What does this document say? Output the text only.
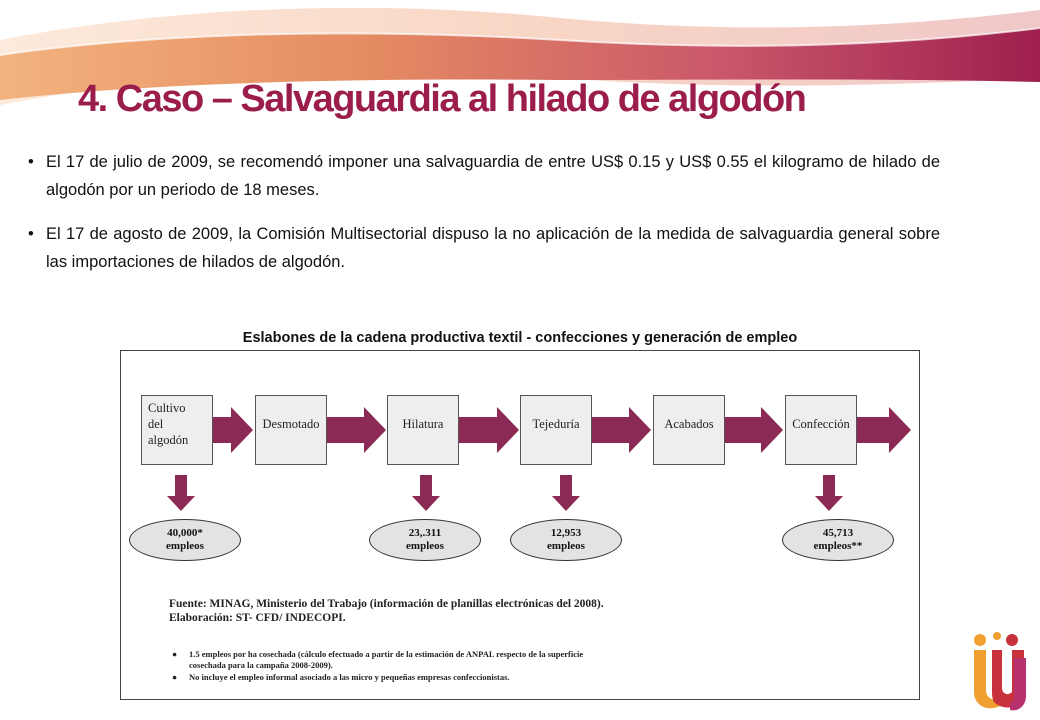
4. Caso – Salvaguardia al hilado de algodón
• El 17 de julio de 2009, se recomendó imponer una salvaguardia de entre US$ 0.15 y US$ 0.55 el kilogramo de hilado de algodón por un periodo de 18 meses.
• El 17 de agosto de 2009, la Comisión Multisectorial dispuso la no aplicación de la medida de salvaguardia general sobre las importaciones de hilados de algodón.
Eslabones de la cadena productiva textil - confecciones y generación de empleo
Cultivo
del
algodón
Desmotado	Hilatura	Tejeduría	Acabados	Confección
40,000*
empleos
23,.311
empleos
12,953
empleos
45,713
empleos**
Fuente: MINAG, Ministerio del Trabajo (información de planillas electrónicas del 2008).
Elaboración: ST- CFD/ INDECOPI.
● 1.5 empleos por ha cosechada (cálculo efectuado a partir de la estimación de ANPAL respecto de la superficie cosechada para la campaña 2008-2009).
● No incluye el empleo informal asociado a las micro y pequeñas empresas confeccionistas.
